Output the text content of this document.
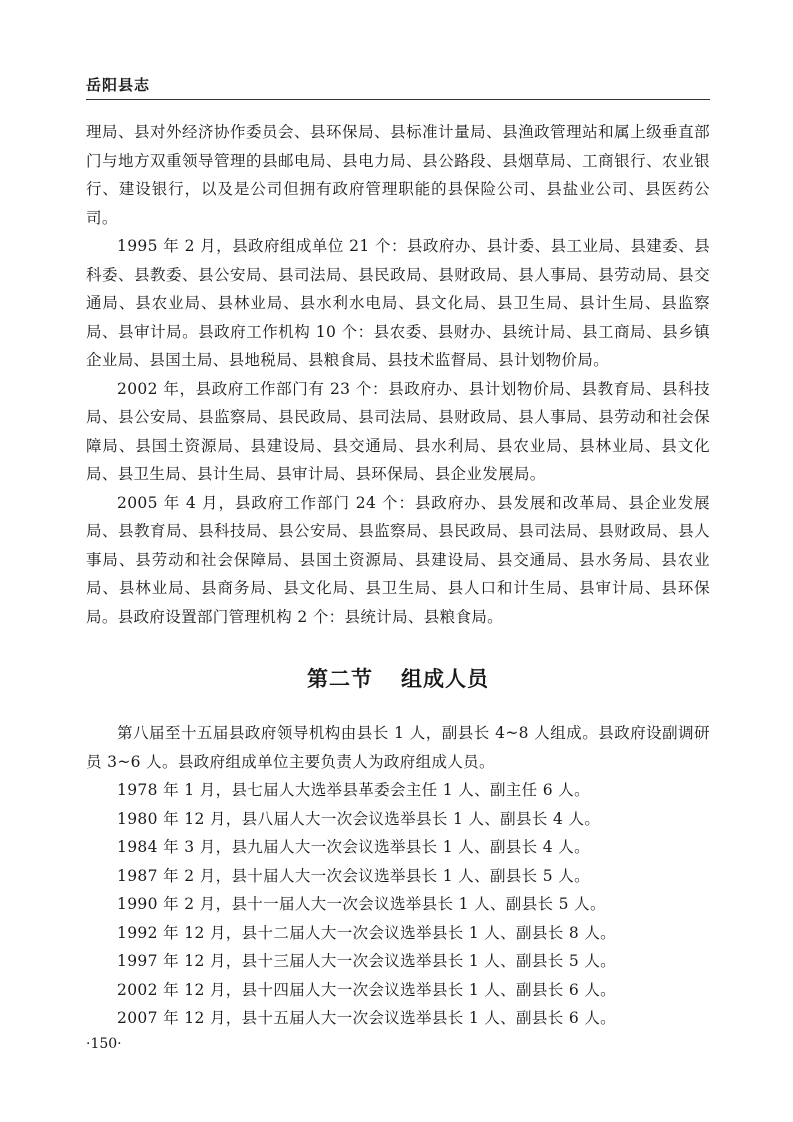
岳阳县志

理局、县对外经济协作委员会、县环保局、县标准计量局、县渔政管理站和属上级垂直部门与地方双重领导管理的县邮电局、县电力局、县公路段、县烟草局、工商银行、农业银行、建设银行，以及是公司但拥有政府管理职能的县保险公司、县盐业公司、县医药公司。

1995 年 2 月，县政府组成单位 21 个：县政府办、县计委、县工业局、县建委、县科委、县教委、县公安局、县司法局、县民政局、县财政局、县人事局、县劳动局、县交通局、县农业局、县林业局、县水利水电局、县文化局、县卫生局、县计生局、县监察局、县审计局。县政府工作机构 10 个：县农委、县财办、县统计局、县工商局、县乡镇企业局、县国土局、县地税局、县粮食局、县技术监督局、县计划物价局。

2002 年，县政府工作部门有 23 个：县政府办、县计划物价局、县教育局、县科技局、县公安局、县监察局、县民政局、县司法局、县财政局、县人事局、县劳动和社会保障局、县国土资源局、县建设局、县交通局、县水利局、县农业局、县林业局、县文化局、县卫生局、县计生局、县审计局、县环保局、县企业发展局。

2005 年 4 月，县政府工作部门 24 个：县政府办、县发展和改革局、县企业发展局、县教育局、县科技局、县公安局、县监察局、县民政局、县司法局、县财政局、县人事局、县劳动和社会保障局、县国土资源局、县建设局、县交通局、县水务局、县农业局、县林业局、县商务局、县文化局、县卫生局、县人口和计生局、县审计局、县环保局。县政府设置部门管理机构 2 个：县统计局、县粮食局。

第二节 组成人员

第八届至十五届县政府领导机构由县长 1 人，副县长 4~8 人组成。县政府设副调研员 3~6 人。县政府组成单位主要负责人为政府组成人员。

1978 年 1 月，县七届人大选举县革委会主任 1 人、副主任 6 人。

1980 年 12 月，县八届人大一次会议选举县长 1 人、副县长 4 人。

1984 年 3 月，县九届人大一次会议选举县长 1 人、副县长 4 人。

1987 年 2 月，县十届人大一次会议选举县长 1 人、副县长 5 人。

1990 年 2 月，县十一届人大一次会议选举县长 1 人、副县长 5 人。

1992 年 12 月，县十二届人大一次会议选举县长 1 人、副县长 8 人。

1997 年 12 月，县十三届人大一次会议选举县长 1 人、副县长 5 人。

2002 年 12 月，县十四届人大一次会议选举县长 1 人、副县长 6 人。

2007 年 12 月，县十五届人大一次会议选举县长 1 人、副县长 6 人。

·150·
